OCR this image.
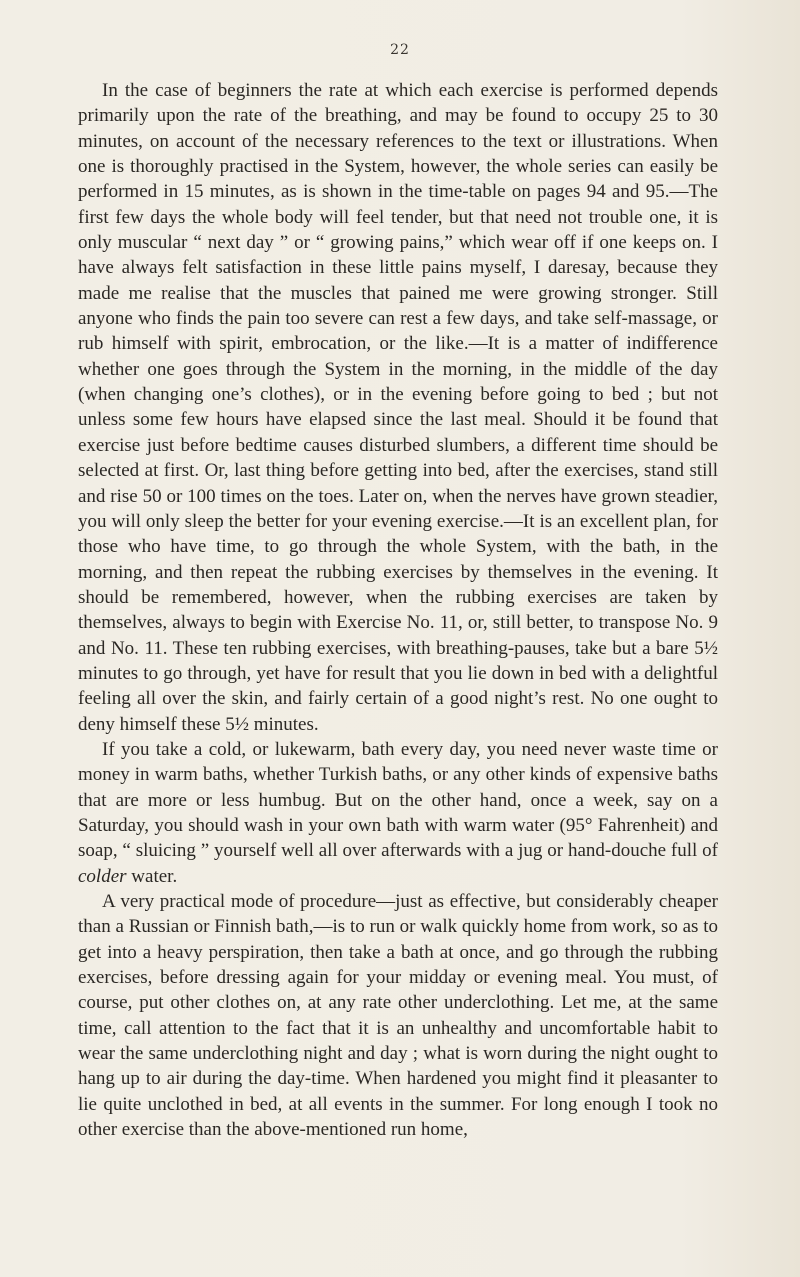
22

In the case of beginners the rate at which each exercise is performed depends primarily upon the rate of the breathing, and may be found to occupy 25 to 30 minutes, on account of the necessary references to the text or illustrations. When one is thoroughly practised in the System, however, the whole series can easily be performed in 15 minutes, as is shown in the time-table on pages 94 and 95.—The first few days the whole body will feel tender, but that need not trouble one, it is only muscular “ next day ” or “ growing pains,” which wear off if one keeps on. I have always felt satisfaction in these little pains myself, I daresay, because they made me realise that the muscles that pained me were growing stronger. Still anyone who finds the pain too severe can rest a few days, and take self-massage, or rub himself with spirit, embrocation, or the like.—It is a matter of indifference whether one goes through the System in the morning, in the middle of the day (when changing one’s clothes), or in the evening before going to bed ; but not unless some few hours have elapsed since the last meal. Should it be found that exercise just before bedtime causes disturbed slumbers, a different time should be selected at first. Or, last thing before getting into bed, after the exercises, stand still and rise 50 or 100 times on the toes. Later on, when the nerves have grown steadier, you will only sleep the better for your evening exercise.—It is an excellent plan, for those who have time, to go through the whole System, with the bath, in the morning, and then repeat the rubbing exercises by themselves in the evening. It should be remembered, however, when the rubbing exercises are taken by themselves, always to begin with Exercise No. 11, or, still better, to transpose No. 9 and No. 11. These ten rubbing exercises, with breathing-pauses, take but a bare 5½ minutes to go through, yet have for result that you lie down in bed with a delightful feeling all over the skin, and fairly certain of a good night’s rest. No one ought to deny himself these 5½ minutes.

If you take a cold, or lukewarm, bath every day, you need never waste time or money in warm baths, whether Turkish baths, or any other kinds of expensive baths that are more or less humbug. But on the other hand, once a week, say on a Saturday, you should wash in your own bath with warm water (95° Fahrenheit) and soap, “ sluicing ” yourself well all over afterwards with a jug or hand-douche full of colder water.

A very practical mode of procedure—just as effective, but considerably cheaper than a Russian or Finnish bath,—is to run or walk quickly home from work, so as to get into a heavy perspiration, then take a bath at once, and go through the rubbing exercises, before dressing again for your midday or evening meal. You must, of course, put other clothes on, at any rate other underclothing. Let me, at the same time, call attention to the fact that it is an unhealthy and uncomfortable habit to wear the same underclothing night and day ; what is worn during the night ought to hang up to air during the day-time. When hardened you might find it pleasanter to lie quite unclothed in bed, at all events in the summer. For long enough I took no other exercise than the above-mentioned run home,
